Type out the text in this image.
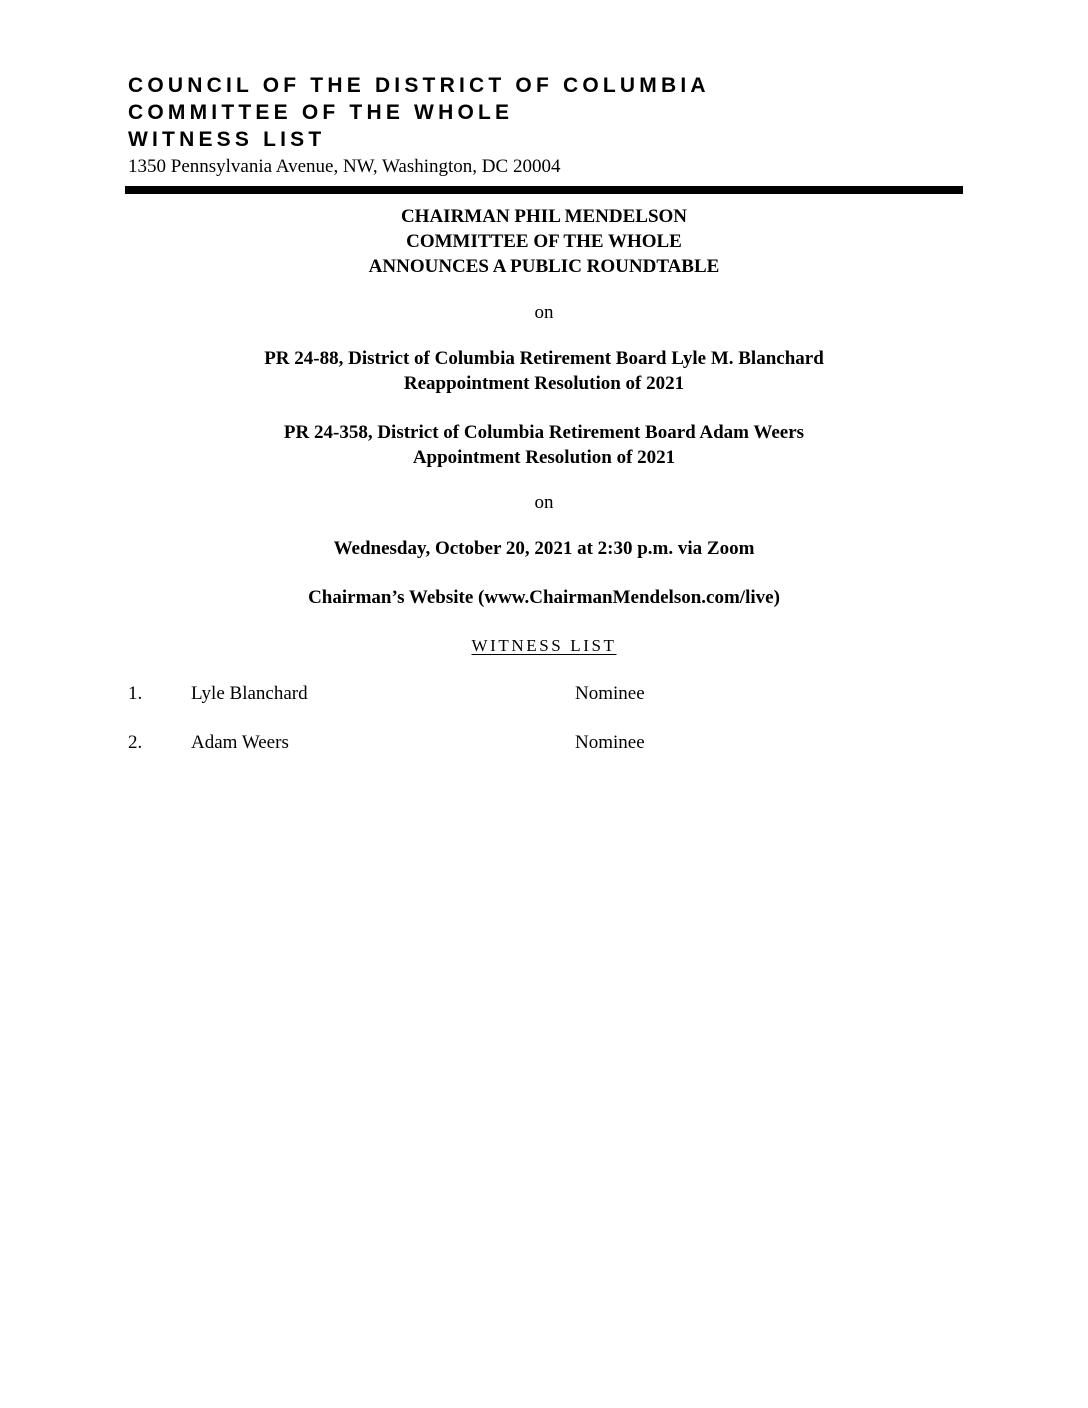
COUNCIL OF THE DISTRICT OF COLUMBIA
COMMITTEE OF THE WHOLE
WITNESS LIST
1350 Pennsylvania Avenue, NW, Washington, DC 20004
CHAIRMAN PHIL MENDELSON
COMMITTEE OF THE WHOLE
ANNOUNCES A PUBLIC ROUNDTABLE
on
PR 24-88, District of Columbia Retirement Board Lyle M. Blanchard
Reappointment Resolution of 2021
PR 24-358, District of Columbia Retirement Board Adam Weers
Appointment Resolution of 2021
on
Wednesday, October 20, 2021 at 2:30 p.m. via Zoom
Chairman’s Website (www.ChairmanMendelson.com/live)
WITNESS LIST
1.	Lyle Blanchard	Nominee
2.	Adam Weers	Nominee
